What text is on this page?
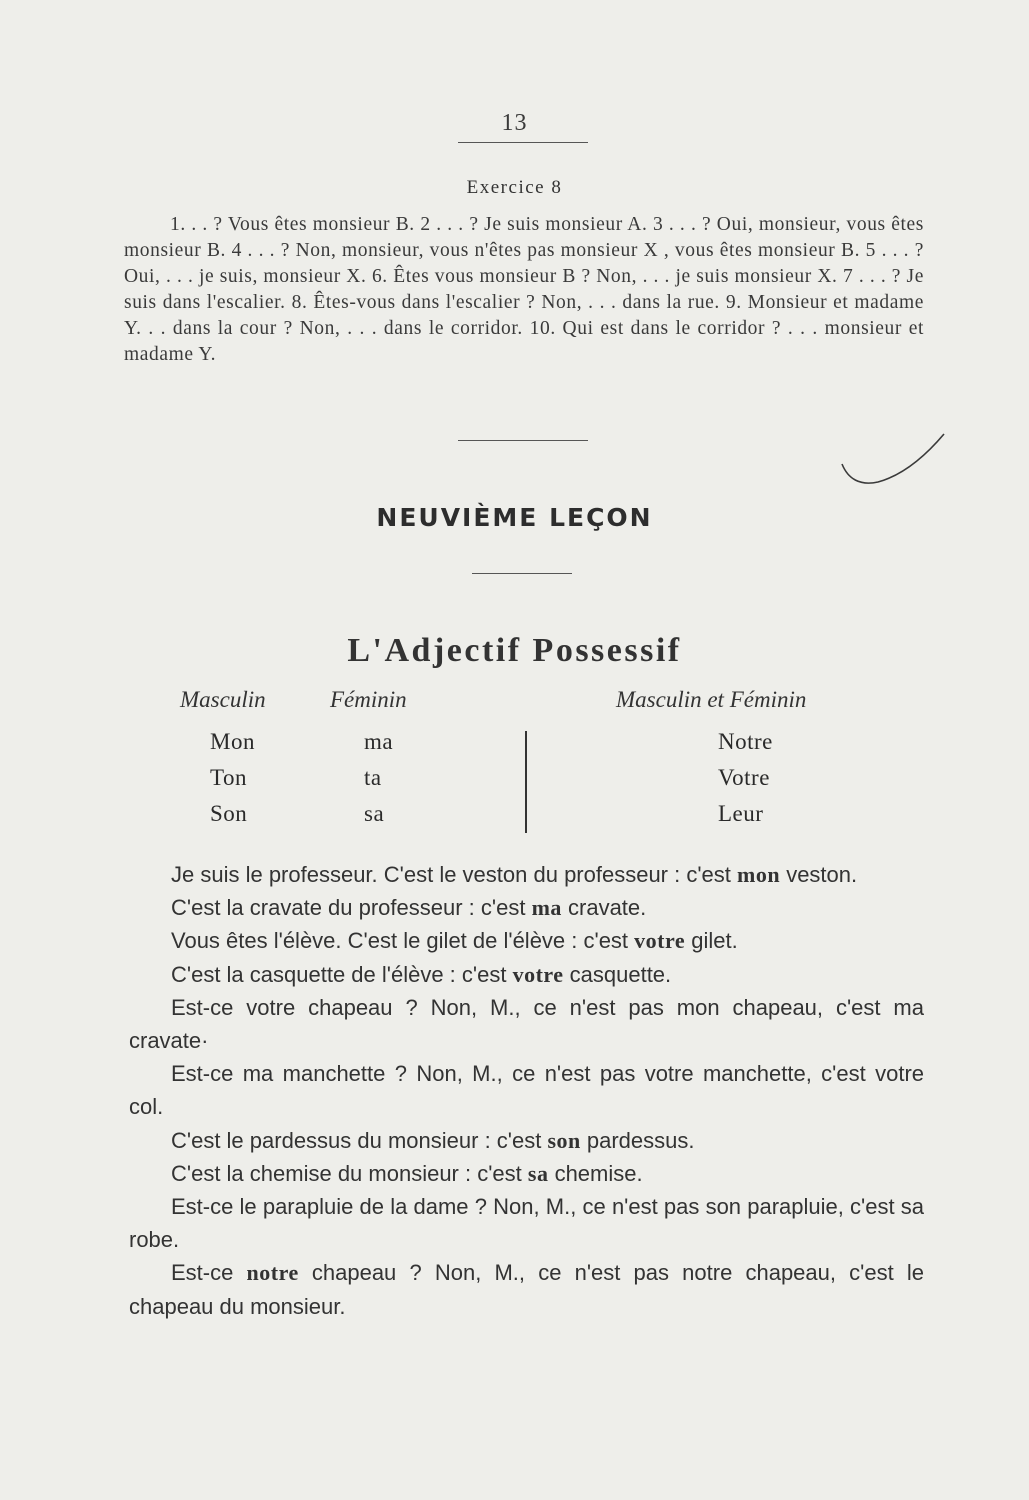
13
Exercice 8

1. . . ? Vous êtes monsieur B. 2 . . . ? Je suis monsieur A. 3 . . . ? Oui, monsieur, vous êtes monsieur B. 4 . . . ? Non, monsieur, vous n'êtes pas monsieur X , vous êtes monsieur B. 5 . . . ? Oui, . . . je suis, monsieur X. 6. Êtes vous monsieur B ? Non, . . . je suis monsieur X. 7 . . . ? Je suis dans l'escalier. 8. Êtes-vous dans l'escalier ? Non, . . . dans la rue. 9. Monsieur et madame Y. . . dans la cour ? Non, . . . dans le corridor. 10. Qui est dans le corridor ? . . . monsieur et madame Y.

NEUVIÈME LEÇON
L'Adjectif Possessif
Masculin	Féminin	Masculin et Féminin
Mon	ma	Notre
Ton	ta	Votre
Son	sa	Leur

Je suis le professeur. C'est le veston du professeur : c'est mon veston.

C'est la cravate du professeur : c'est ma cravate.

Vous êtes l'élève. C'est le gilet de l'élève : c'est votre gilet.

C'est la casquette de l'élève : c'est votre casquette.

Est-ce votre chapeau ? Non, M., ce n'est pas mon chapeau, c'est ma cravate·

Est-ce ma manchette ? Non, M., ce n'est pas votre manchette, c'est votre col.

C'est le pardessus du monsieur : c'est son pardessus.

C'est la chemise du monsieur : c'est sa chemise.

Est-ce le parapluie de la dame ? Non, M., ce n'est pas son parapluie, c'est sa robe.

Est-ce notre chapeau ? Non, M., ce n'est pas notre chapeau, c'est le chapeau du monsieur.
